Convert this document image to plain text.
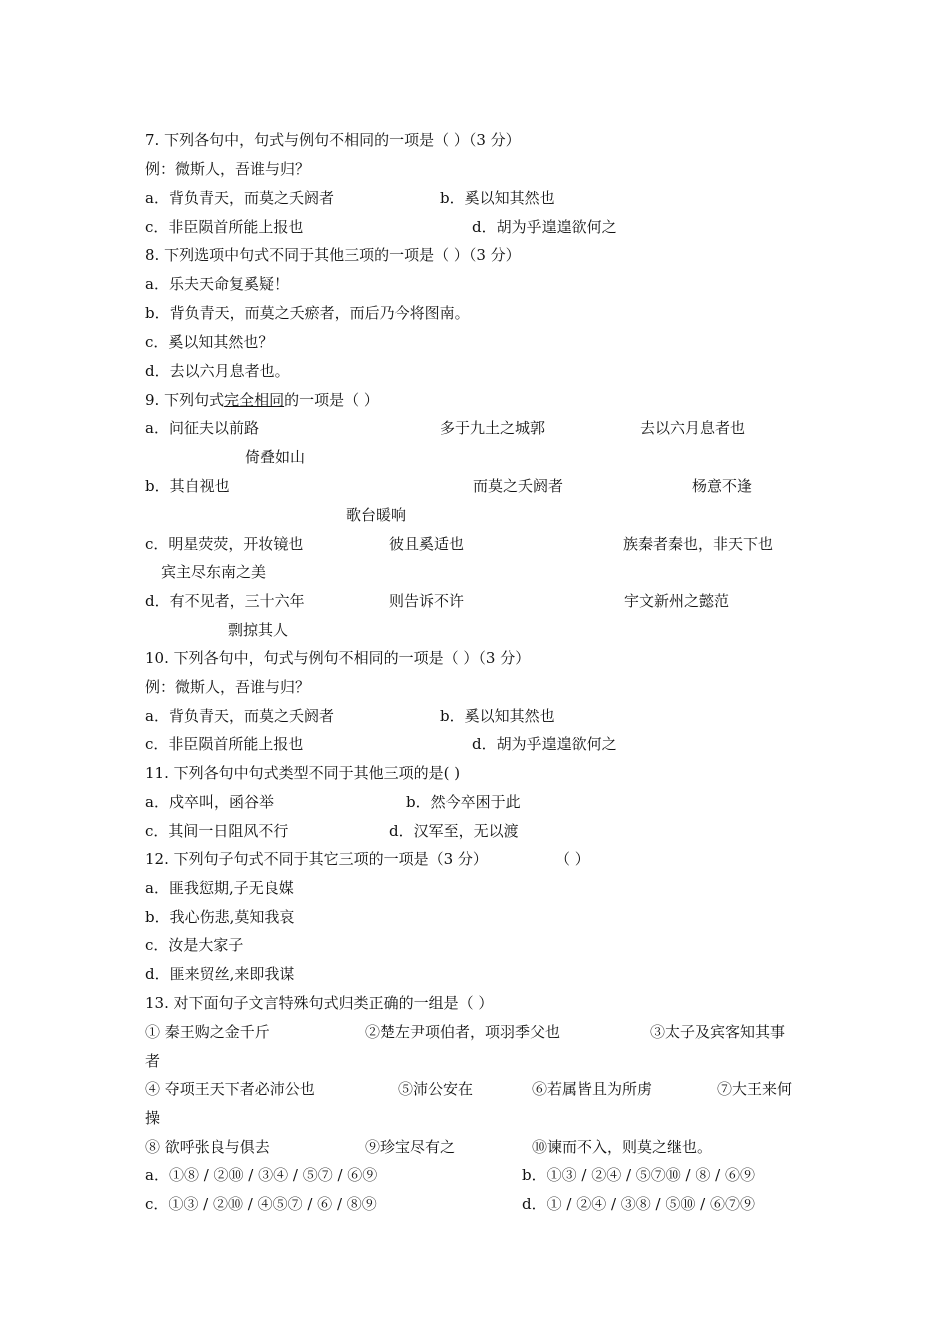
7. 下列各句中，句式与例句不相同的一项是（ ）（3 分）
例：微斯人，吾谁与归？
a．背负青天，而莫之夭阏者	b．奚以知其然也
c．非臣陨首所能上报也	d．胡为乎遑遑欲何之
8. 下列选项中句式不同于其他三项的一项是（ ）（3 分）
a．乐夫天命复奚疑！
b．背负青天，而莫之夭瘀者，而后乃今将图南。
c．奚以知其然也？
d．去以六月息者也。
9. 下列句式完全相同的一项是（ ）
a．问征夫以前路	多于九土之城郭	去以六月息者也
倚叠如山
b．其自视也	而莫之夭阏者	杨意不逢
歌台暖响
c．明星荧荧，开妆镜也	彼且奚适也	族秦者秦也，非天下也
宾主尽东南之美
d．有不见者，三十六年	则告诉不许	宇文新州之懿范
剽掠其人
10. 下列各句中，句式与例句不相同的一项是（ ）（3 分）
例：微斯人，吾谁与归？
a．背负青天，而莫之夭阏者	b．奚以知其然也
c．非臣陨首所能上报也	d．胡为乎遑遑欲何之
11. 下列各句中句式类型不同于其他三项的是( )
a．戍卒叫，函谷举	b．然今卒困于此
c．其间一日阻风不行	d．汉军至，无以渡
12. 下列句子句式不同于其它三项的一项是（3 分）	（ ）
a．匪我愆期,子无良媒
b．我心伤悲,莫知我哀
c．汝是大家子
d．匪来贸丝,来即我谋
13. 对下面句子文言特殊句式归类正确的一组是（ ）
① 秦王购之金千斤	②楚左尹项伯者，项羽季父也	③太子及宾客知其事
者
④ 夺项王天下者必沛公也	⑤沛公安在	⑥若属皆且为所虏	⑦大王来何
操
⑧ 欲呼张良与俱去	⑨珍宝尽有之	⑩谏而不入，则莫之继也。
a．①⑧ / ②⑩ / ③④ / ⑤⑦ / ⑥⑨	b．①③ / ②④ / ⑤⑦⑩ / ⑧ / ⑥⑨
c．①③ / ②⑩ / ④⑤⑦ / ⑥ / ⑧⑨	d．① / ②④ / ③⑧ / ⑤⑩ / ⑥⑦⑨
